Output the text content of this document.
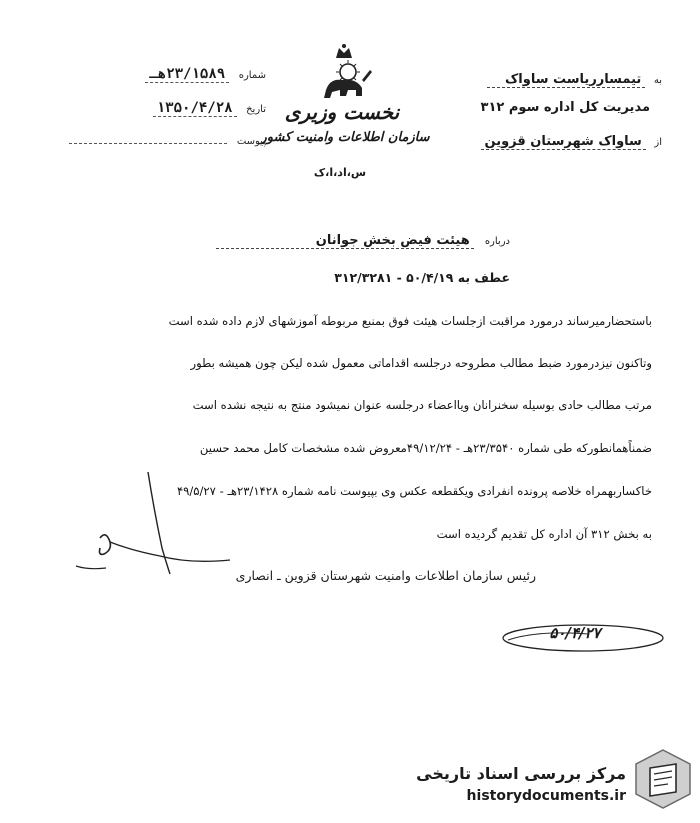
نخست وزیری
سازمان اطلاعات وامنیت کشور
س،اد،ا،ک
شماره ۲۳/۱۵۸۹هـ
تاریخ ۱۳۵۰/۴/۲۸
پیوست
به تیمسارریاست ساواک
مدیریت کل اداره سوم ۳۱۲
از ساواک شهرستان قزوین
درباره هیئت فیض بخش جوانان
عطف به ۵۰/۴/۱۹ - ۳۱۲/۳۲۸۱
باستحضارمیرساند درمورد مراقبت ازجلسات هیئت فوق بمنبع مربوطه آموزشهای لازم داده شده است
وتاکنون نیزدرمورد ضبط مطالب مطروحه درجلسه اقداماتی معمول شده لیکن چون همیشه بطور
مرتب مطالب حادی بوسیله سخنرانان ویااعضاء درجلسه عنوان نمیشود منتج به نتیجه نشده است
ضمناًهمانطورکه طی شماره ۲۳/۳۵۴۰هـ - ۴۹/۱۲/۲۴معروض شده مشخصات کامل محمد حسین
خاکساربهمراه خلاصه پرونده انفرادی ویکقطعه عکس وی بپیوست نامه شماره ۲۳/۱۴۲۸هـ - ۴۹/۵/۲۷
به بخش ۳۱۲ آن اداره کل تقدیم گردیده است
رئیس سازمان اطلاعات وامنیت شهرستان قزوین ـ انصاری
۵۰/۴/۲۷
مرکز بررسی اسناد تاریخی
historydocuments.ir
